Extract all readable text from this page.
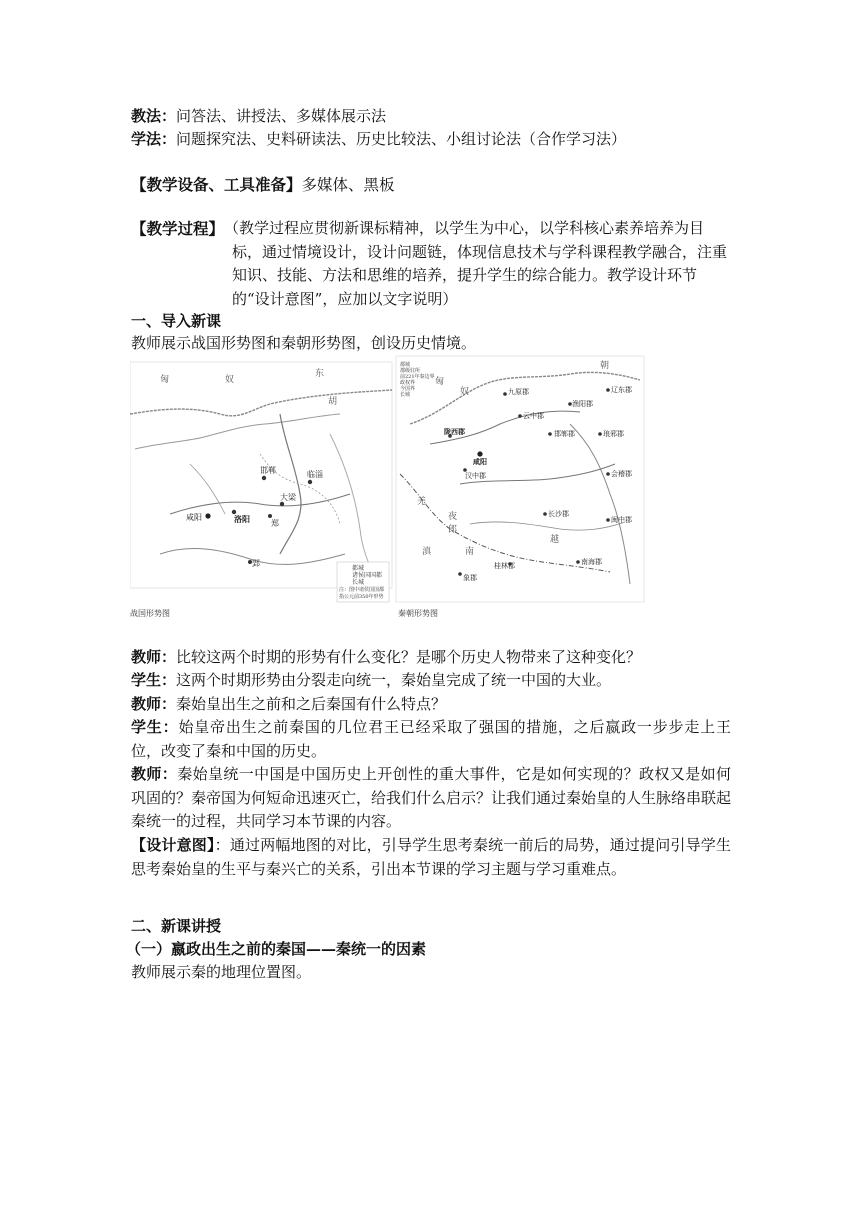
教法：问答法、讲授法、多媒体展示法
学法：问题探究法、史料研读法、历史比较法、小组讨论法（合作学习法）
【教学设备、工具准备】多媒体、黑板
【教学过程】 （教学过程应贯彻新课标精神，以学生为中心，以学科核心素养培养为目标，通过情境设计，设计问题链，体现信息技术与学科课程教学融合，注重知识、技能、方法和思维的培养，提升学生的综合能力。教学设计环节的“设计意图”，应加以文字说明）
一、导入新课
教师展示战国形势图和秦朝形势图，创设历史情境。
匈	奴
东
胡
邯郸	临淄
大梁
咸阳	洛阳	郑
郢
都城
诸侯国国都
长城
注：图中诸侯国国都
指公元前350年形势
都城
郡级驻所
前221年秦边界
政权界
今国界
长城
匈
奴
朝
九原郡	辽东郡
云中郡
渔阳郡
陇西郡
咸阳
邯郸郡	琅邪郡
汉中郡	会稽郡
长沙郡
闽中郡
南海郡
桂林郡
象郡
羌
夜
郎
滇
越
南
战国形势图	秦朝形势图
教师：比较这两个时期的形势有什么变化？是哪个历史人物带来了这种变化？
学生：这两个时期形势由分裂走向统一，秦始皇完成了统一中国的大业。
教师：秦始皇出生之前和之后秦国有什么特点？
学生：始皇帝出生之前秦国的几位君王已经采取了强国的措施，之后嬴政一步步走上王位，改变了秦和中国的历史。
教师：秦始皇统一中国是中国历史上开创性的重大事件，它是如何实现的？政权又是如何巩固的？秦帝国为何短命迅速灭亡，给我们什么启示？让我们通过秦始皇的人生脉络串联起秦统一的过程，共同学习本节课的内容。
【设计意图】：通过两幅地图的对比，引导学生思考秦统一前后的局势，通过提问引导学生思考秦始皇的生平与秦兴亡的关系，引出本节课的学习主题与学习重难点。
二、新课讲授
（一）嬴政出生之前的秦国——秦统一的因素
教师展示秦的地理位置图。
